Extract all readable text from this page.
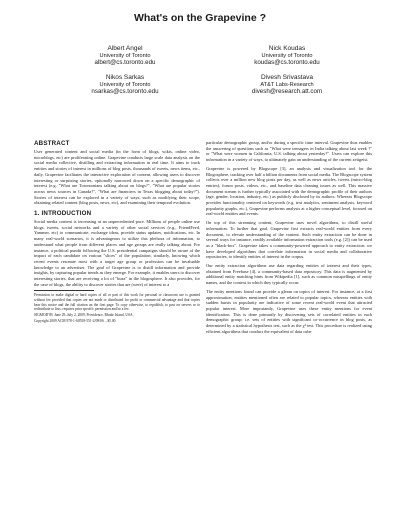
What's on the Grapevine ?
Albert Angel
University of Toronto
albert@cs.toronto.edu
Nick Koudas
University of Toronto
koudas@cs.toronto.edu
Nikos Sarkas
University of Toronto
nsarkas@cs.toronto.edu
Divesh Srivastava
AT&T Labs-Research
divesh@research.att.com
ABSTRACT

User generated content and social media (in the form of blogs, wikis, online video, microblogs, etc) are proliferating online. Grapevine conducts large scale data analysis on the social media collective, distilling and extracting information in real time. It aims to track entities and stories of interest in millions of blog posts, thousands of tweets, news items, etc., daily. Grapevine facilitates the interactive exploration of content, allowing users to discover interesting or surprising stories, optionally narrowed down on a specific demographic of interest (e.g. "What are Torontonians talking about on blogs?", "What are popular stories across news sources in Canada?", "What are financiers in Texas blogging about today?"). Stories of interest can be explored in a variety of ways, such as modifying their scope, obtaining related content (blog posts, news, etc), and examining their temporal evolution.

1. INTRODUCTION

Social media content is increasing at an unprecedented pace. Millions of people online use blogs, tweets, social networks and a variety of other social services (e.g., FriendFeed, Yammer, etc) to communicate, exchange ideas, provide status updates, notifications, etc. In many real-world scenarios, it is advantageous to utilize this plethora of information, to understand what people from different places and age groups are really talking about. For instance, a political pundit following the U.S. presidential campaigns should be aware of the impact of each candidate on various "slices" of the population; similarly, knowing which recent events resonate most with a target age group or profession can be invaluable knowledge to an advertiser. The goal of Grapevine is to distill information and provide insights, by capturing popular trends as they emerge. For example, it enables users to discover interesting stories, that are receiving a lot of "buzz" in the blogosphere. It also provides, for the case of blogs, the ability to discover stories that are (were) of interest to a

Permission to make digital or hard copies of all or part of this work for personal or classroom use is granted without fee provided that copies are not made or distributed for profit or commercial advantage and that copies bear this notice and the full citation on the first page. To copy otherwise, to republish, to post on servers or to redistribute to lists, requires prior specific permission and/or a fee.

SIGMOD'09, June 29–July 2, 2009, Providence, Rhode Island, USA.

Copyright 2009 ACM 978-1-60558-551-2/09/06 ...$5.00.

particular demographic group, and/or during a specific time interval. Grapevine thus enables the answering of questions such as "What were teenagers in India talking about last week ?" or "What were women in California, U.S. talking about yesterday?". Users can explore this information in a variety of ways, to ultimately gain an understanding of the current zeitgeist.

Grapevine is powered by Blogscope [3], an analysis and visualization tool for the Blogosphere, tracking over half a billion documents from social media. The Blogscope system collects over a million new blog posts per day, as well as news articles, tweets (micro-blog entries), forum posts, videos, etc., and baseline data cleaning issues as well. This massive document stream is further typically associated with the demographic profile of their authors (age, gender, location, industry, etc.) as publicly disclosed by its authors. Whereas Blogscope provides functionality centered on keywords (e.g. text analytics, sentiment analysis, keyword popularity graphs, etc.), Grapevine performs analysis at a higher conceptual level, focused on real-world entities and events.

On top of this streaming content, Grapevine uses novel algorithms, to distill useful information. To further that goal, Grapevine first extracts real-world entities from every document, to elevate understanding of the content. Such entity extraction can be done in several ways for instance, readily available information extraction tools (e.g. [2]) can be used as a "black-box". Grapevine takes a community-powered approach to entity extraction: we have developed algorithms that correlate information in social media and collaborative repositories, to identify entities of interest in the corpus.

Our entity extraction algorithms use data regarding entities of interest and their types, obtained from Freebase [4], a community-based data repository. This data is augmented by additional entity matching hints from Wikipedia [1], such as common misspellings of entity names, and the context in which they typically occur.

The entity mentions found can provide a gleam on topics of interest. For instance, at a first approximation, entities mentioned often are related to popular topics, whereas entities with sudden bursts in popularity are indicative of some recent real-world event that attracted popular interest. More importantly, Grapevine uses these entity mentions for event identification. This is done primarily by discovering sets of correlated entities in each demographic group; i.e. sets of entities with significant co-occurrence in blog posts, as determined by a statistical hypothesis test, such as the χ² test. This procedure is realized using efficient algorithms that conduct the equivalent of data cube
